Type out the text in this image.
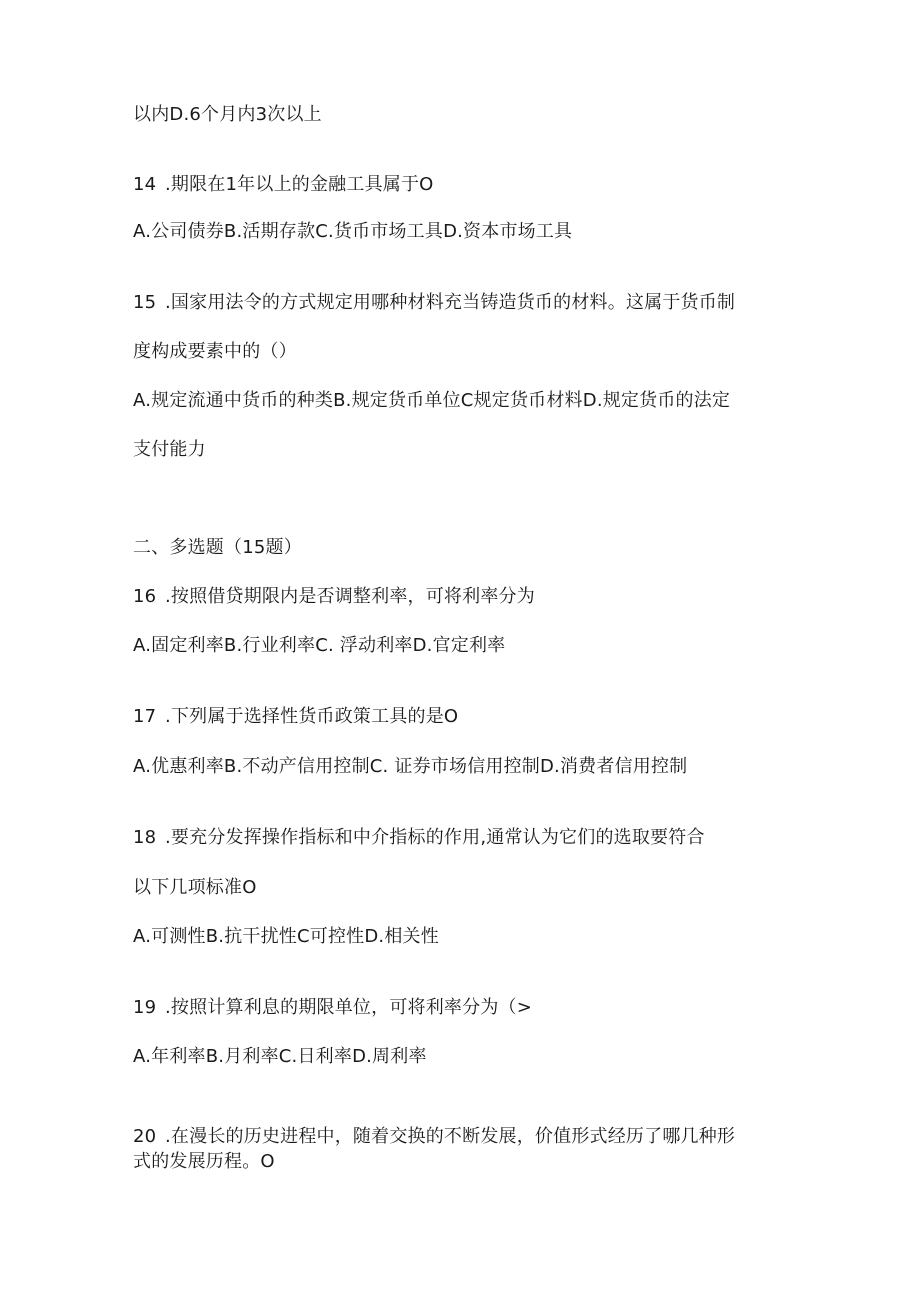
以内D.6个月内3次以上
14 .期限在1年以上的金融工具属于O
A.公司债券B.活期存款C.货币市场工具D.资本市场工具
15 .国家用法令的方式规定用哪种材料充当铸造货币的材料。这属于货币制
度构成要素中的（）
A.规定流通中货币的种类B.规定货币单位C规定货币材料D.规定货币的法定
支付能力
二、多选题（15题）
16 .按照借贷期限内是否调整利率，可将利率分为
A.固定利率B.行业利率C. 浮动利率D.官定利率
17 .下列属于选择性货币政策工具的是O
A.优惠利率B.不动产信用控制C. 证券市场信用控制D.消费者信用控制
18 .要充分发挥操作指标和中介指标的作用,通常认为它们的选取要符合
以下几项标准O
A.可测性B.抗干扰性C可控性D.相关性
19 .按照计算利息的期限单位，可将利率分为（>
A.年利率B.月利率C.日利率D.周利率
20 .在漫长的历史进程中，随着交换的不断发展，价值形式经历了哪几种形
式的发展历程。O
